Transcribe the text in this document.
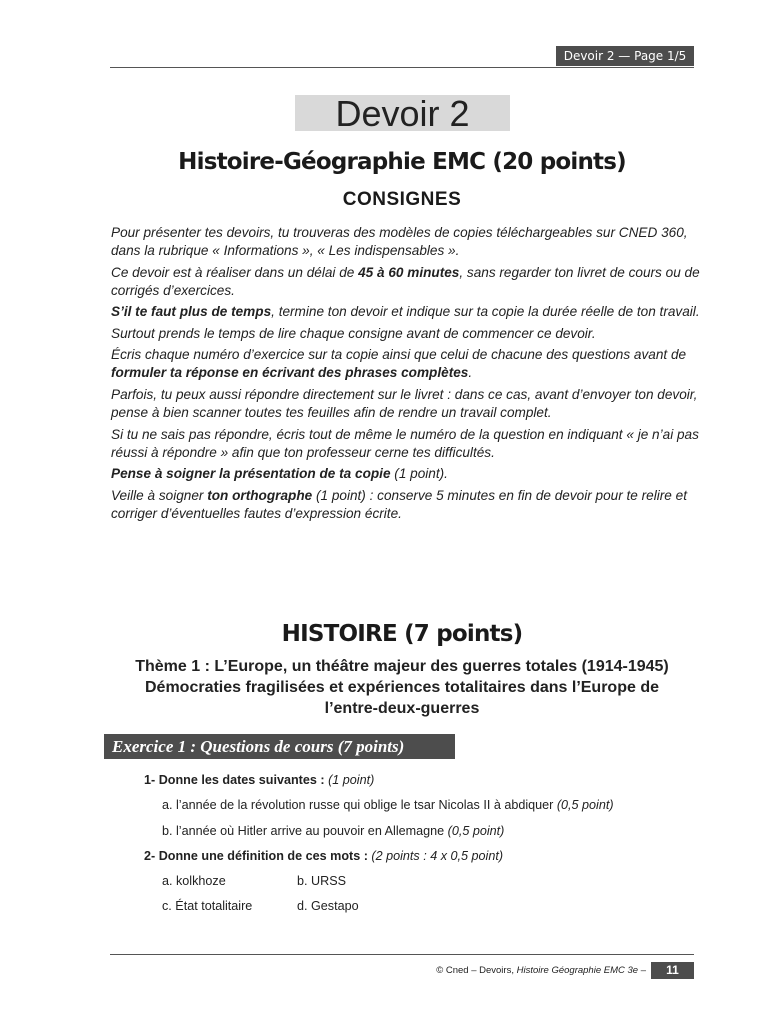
Devoir 2 — Page 1/5
Devoir 2
Histoire-Géographie EMC (20 points)
CONSIGNES

Pour présenter tes devoirs, tu trouveras des modèles de copies téléchargeables sur CNED 360, dans la rubrique « Informations », « Les indispensables ».

Ce devoir est à réaliser dans un délai de 45 à 60 minutes, sans regarder ton livret de cours ou de corrigés d’exercices.

S’il te faut plus de temps, termine ton devoir et indique sur ta copie la durée réelle de ton travail.

Surtout prends le temps de lire chaque consigne avant de commencer ce devoir.

Écris chaque numéro d’exercice sur ta copie ainsi que celui de chacune des questions avant de formuler ta réponse en écrivant des phrases complètes.

Parfois, tu peux aussi répondre directement sur le livret : dans ce cas, avant d’envoyer ton devoir, pense à bien scanner toutes tes feuilles afin de rendre un travail complet.

Si tu ne sais pas répondre, écris tout de même le numéro de la question en indiquant « je n’ai pas réussi à répondre » afin que ton professeur cerne tes difficultés.

Pense à soigner la présentation de ta copie (1 point).

Veille à soigner ton orthographe (1 point) : conserve 5 minutes en fin de devoir pour te relire et corriger d’éventuelles fautes d’expression écrite.

HISTOIRE (7 points)
Thème 1 : L’Europe, un théâtre majeur des guerres totales (1914-1945)
Démocraties fragilisées et expériences totalitaires dans l’Europe de
l’entre-deux-guerres
Exercice 1 : Questions de cours (7 points)
1- Donne les dates suivantes : (1 point)
a. l’année de la révolution russe qui oblige le tsar Nicolas II à abdiquer (0,5 point)
b. l’année où Hitler arrive au pouvoir en Allemagne (0,5 point)
2- Donne une définition de ces mots : (2 points : 4 x 0,5 point)
a. kolkhoze	b. URSS
c. État totalitaire	d. Gestapo
© Cned – Devoirs, Histoire Géographie EMC 3e –	11
